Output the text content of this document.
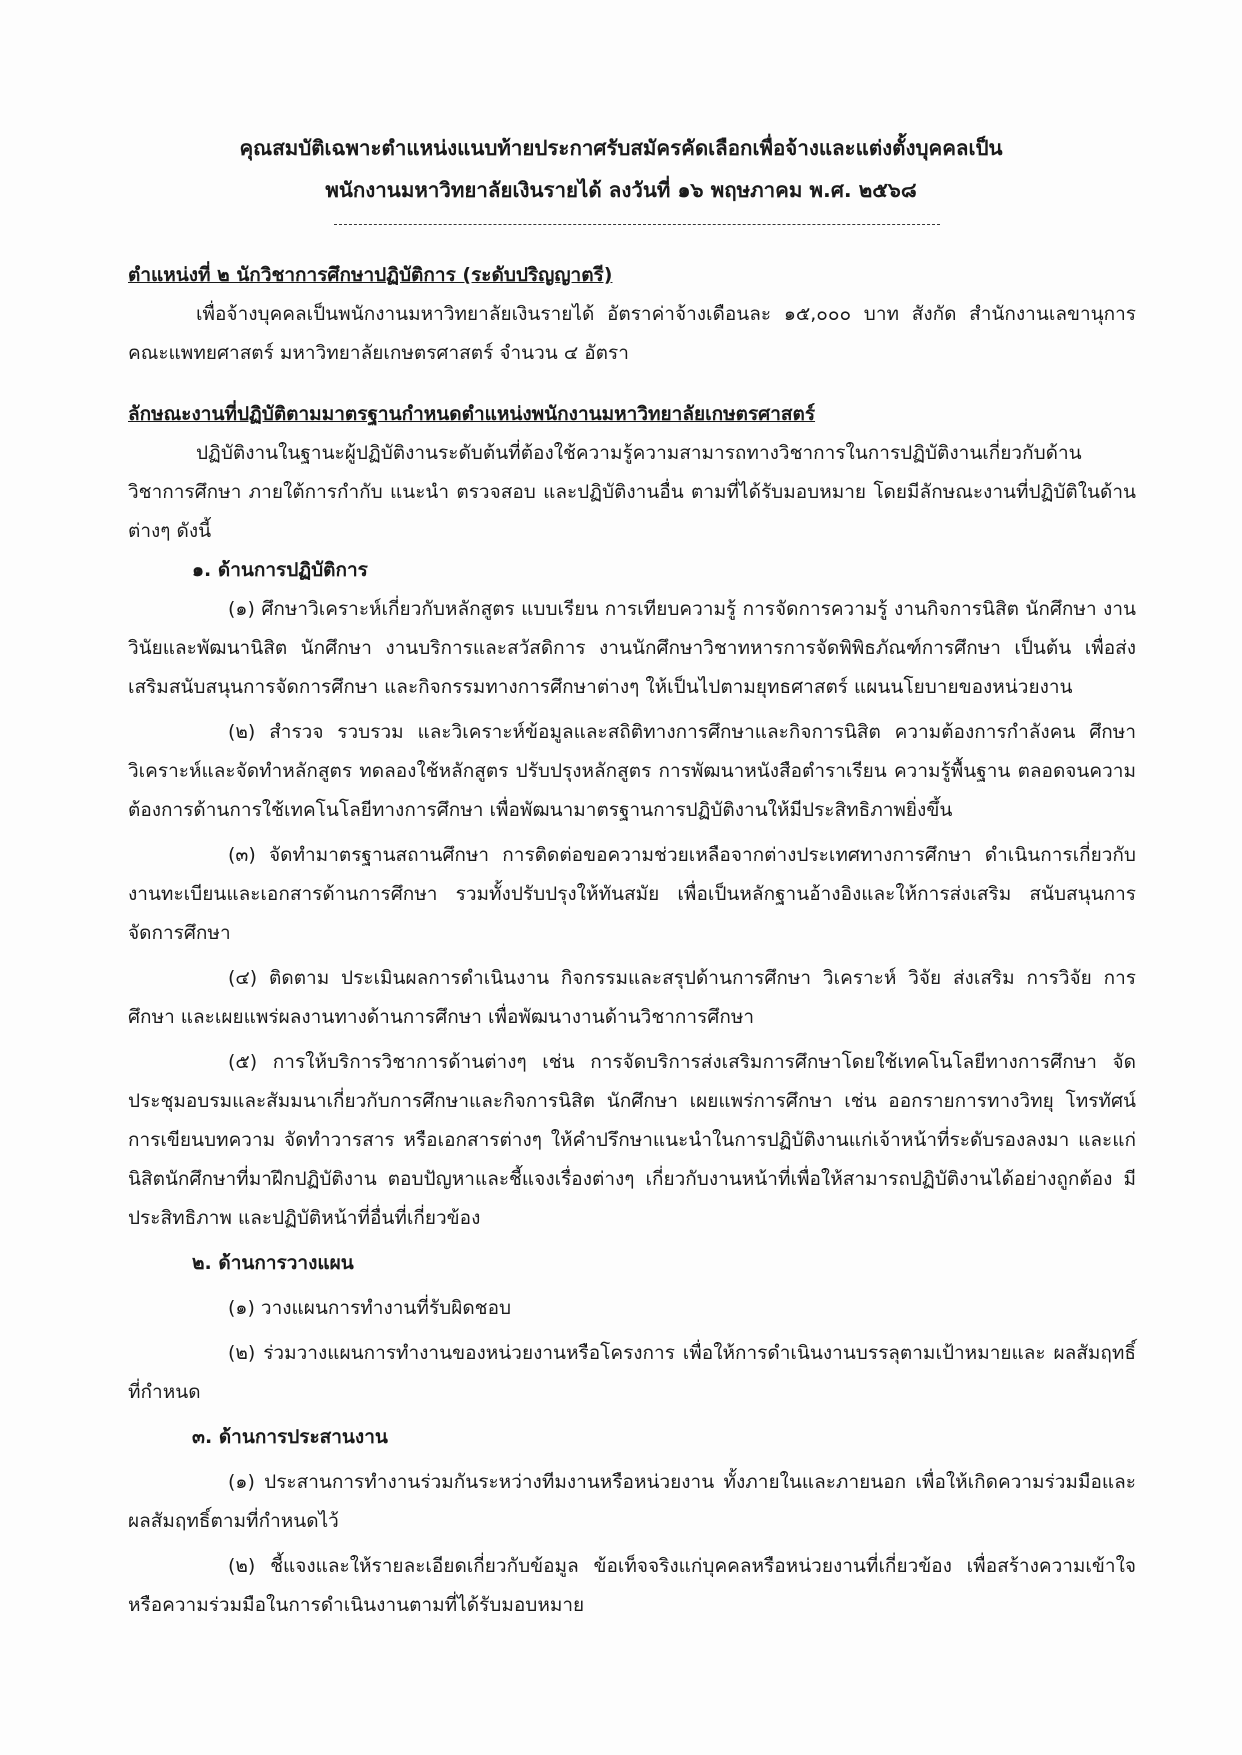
คุณสมบัติเฉพาะตำแหน่งแนบท้ายประกาศรับสมัครคัดเลือกเพื่อจ้างและแต่งตั้งบุคคลเป็น
พนักงานมหาวิทยาลัยเงินรายได้ ลงวันที่ ๑๖ พฤษภาคม พ.ศ. ๒๕๖๘

ตำแหน่งที่ ๒ นักวิชาการศึกษาปฏิบัติการ (ระดับปริญญาตรี)

เพื่อจ้างบุคคลเป็นพนักงานมหาวิทยาลัยเงินรายได้ อัตราค่าจ้างเดือนละ ๑๕,๐๐๐ บาท สังกัด สำนักงานเลขานุการ คณะแพทยศาสตร์ มหาวิทยาลัยเกษตรศาสตร์ จำนวน ๔ อัตรา

ลักษณะงานที่ปฏิบัติตามมาตรฐานกำหนดตำแหน่งพนักงานมหาวิทยาลัยเกษตรศาสตร์

ปฏิบัติงานในฐานะผู้ปฏิบัติงานระดับต้นที่ต้องใช้ความรู้ความสามารถทางวิชาการในการปฏิบัติงานเกี่ยวกับด้านวิชาการศึกษา ภายใต้การกำกับ แนะนำ ตรวจสอบ และปฏิบัติงานอื่น ตามที่ได้รับมอบหมาย โดยมีลักษณะงานที่ปฏิบัติในด้านต่างๆ ดังนี้

๑. ด้านการปฏิบัติการ

(๑) ศึกษาวิเคราะห์เกี่ยวกับหลักสูตร แบบเรียน การเทียบความรู้ การจัดการความรู้ งานกิจการนิสิต นักศึกษา งานวินัยและพัฒนานิสิต นักศึกษา งานบริการและสวัสดิการ งานนักศึกษาวิชาทหารการจัดพิพิธภัณฑ์การศึกษา เป็นต้น เพื่อส่งเสริมสนับสนุนการจัดการศึกษา และกิจกรรมทางการศึกษาต่างๆ ให้เป็นไปตามยุทธศาสตร์ แผนนโยบายของหน่วยงาน

(๒) สำรวจ รวบรวม และวิเคราะห์ข้อมูลและสถิติทางการศึกษาและกิจการนิสิต ความต้องการกำลังคน ศึกษาวิเคราะห์และจัดทำหลักสูตร ทดลองใช้หลักสูตร ปรับปรุงหลักสูตร การพัฒนาหนังสือตำราเรียน ความรู้พื้นฐาน ตลอดจนความต้องการด้านการใช้เทคโนโลยีทางการศึกษา เพื่อพัฒนามาตรฐานการปฏิบัติงานให้มีประสิทธิภาพยิ่งขึ้น

(๓) จัดทำมาตรฐานสถานศึกษา การติดต่อขอความช่วยเหลือจากต่างประเทศทางการศึกษา ดำเนินการเกี่ยวกับงานทะเบียนและเอกสารด้านการศึกษา รวมทั้งปรับปรุงให้ทันสมัย เพื่อเป็นหลักฐานอ้างอิงและให้การส่งเสริม สนับสนุนการจัดการศึกษา

(๔) ติดตาม ประเมินผลการดำเนินงาน กิจกรรมและสรุปด้านการศึกษา วิเคราะห์ วิจัย ส่งเสริม การวิจัย การศึกษา และเผยแพร่ผลงานทางด้านการศึกษา เพื่อพัฒนางานด้านวิชาการศึกษา

(๕) การให้บริการวิชาการด้านต่างๆ เช่น การจัดบริการส่งเสริมการศึกษาโดยใช้เทคโนโลยีทางการศึกษา จัดประชุมอบรมและสัมมนาเกี่ยวกับการศึกษาและกิจการนิสิต นักศึกษา เผยแพร่การศึกษา เช่น ออกรายการทางวิทยุ โทรทัศน์ การเขียนบทความ จัดทำวารสาร หรือเอกสารต่างๆ ให้คำปรึกษาแนะนำในการปฏิบัติงานแก่เจ้าหน้าที่ระดับรองลงมา และแก่นิสิตนักศึกษาที่มาฝึกปฏิบัติงาน ตอบปัญหาและชี้แจงเรื่องต่างๆ เกี่ยวกับงานหน้าที่เพื่อให้สามารถปฏิบัติงานได้อย่างถูกต้อง มีประสิทธิภาพ และปฏิบัติหน้าที่อื่นที่เกี่ยวข้อง

๒. ด้านการวางแผน

(๑) วางแผนการทำงานที่รับผิดชอบ

(๒) ร่วมวางแผนการทำงานของหน่วยงานหรือโครงการ เพื่อให้การดำเนินงานบรรลุตามเป้าหมายและ ผลสัมฤทธิ์ที่กำหนด

๓. ด้านการประสานงาน

(๑) ประสานการทำงานร่วมกันระหว่างทีมงานหรือหน่วยงาน ทั้งภายในและภายนอก เพื่อให้เกิดความร่วมมือและผลสัมฤทธิ์ตามที่กำหนดไว้

(๒) ชี้แจงและให้รายละเอียดเกี่ยวกับข้อมูล ข้อเท็จจริงแก่บุคคลหรือหน่วยงานที่เกี่ยวข้อง เพื่อสร้างความเข้าใจหรือความร่วมมือในการดำเนินงานตามที่ได้รับมอบหมาย
